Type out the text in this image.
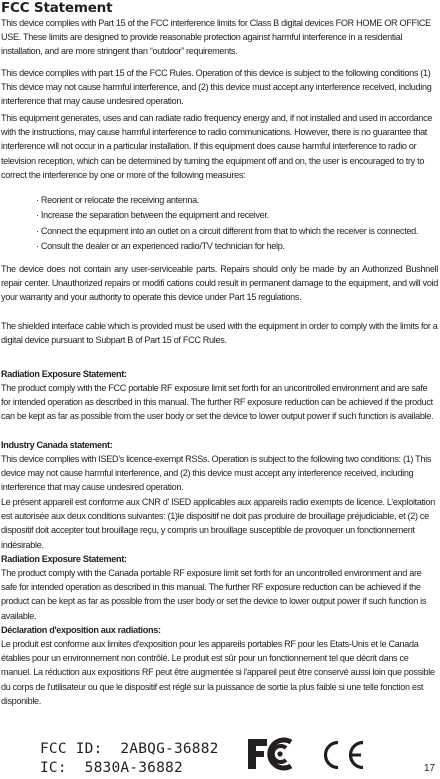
FCC Statement

This device complies with Part 15 of the FCC interference limits for Class B digital devices FOR HOME OR OFFICE USE. These limits are designed to provide reasonable protection against harmful interference in a residential installation, and are more stringent than “outdoor” requirements.

This device complies with part 15 of the FCC Rules. Operation of this device is subject to the following conditions (1) This device may not cause harmful interference, and (2) this device must accept any interference received, including interference that may cause undesired operation.

This equipment generates, uses and can radiate radio frequency energy and, if not installed and used in accordance with the instructions, may cause harmful interference to radio communications. However, there is no guarantee that interference will not occur in a particular installation. If this equipment does cause harmful interference to radio or television reception, which can be determined by turning the equipment off and on, the user is encouraged to try to correct the interference by one or more of the following measures:

· Reorient or relocate the receiving antenna.
· Increase the separation between the equipment and receiver.
· Connect the equipment into an outlet on a circuit different from that to which the receiver is connected.
· Consult the dealer or an experienced radio/TV technician for help.

The device does not contain any user-serviceable parts. Repairs should only be made by an Authorized Bushnell repair center. Unauthorized repairs or modifi cations could result in permanent damage to the equipment, and will void your warranty and your authority to operate this device under Part 15 regulations.

The shielded interface cable which is provided must be used with the equipment in order to comply with the limits for a digital device pursuant to Subpart B of Part 15 of FCC Rules.

Radiation Exposure Statement:

The product comply with the FCC portable RF exposure limit set forth for an uncontrolled environment and are safe for intended operation as described in this manual. The further RF exposure reduction can be achieved if the product can be kept as far as possible from the user body or set the device to lower output power if such function is available.

Industry Canada statement:

This device complies with ISED’s licence-exempt RSSs. Operation is subject to the following two conditions: (1) This device may not cause harmful interference, and (2) this device must accept any interference received, including interference that may cause undesired operation.

Le présent appareil est conforme aux CNR d’ ISED applicables aux appareils radio exempts de licence. L’exploitation est autorisée aux deux conditions suivantes: (1)le dispositif ne doit pas produire de brouillage préjudiciable, et (2) ce dispositif doit accepter tout brouillage reçu, y compris un brouillage susceptible de provoquer un fonctionnement indésirable.

Radiation Exposure Statement:

The product comply with the Canada portable RF exposure limit set forth for an uncontrolled environment and are safe for intended operation as described in this manual. The further RF exposure reduction can be achieved if the product can be kept as far as possible from the user body or set the device to lower output power if such function is available.

Déclaration d'exposition aux radiations:

Le produit est conforme aux limites d'exposition pour les appareils portables RF pour les Etats-Unis et le Canada établies pour un environnement non contrôlé. Le produit est sûr pour un fonctionnement tel que décrit dans ce manuel. La réduction aux expositions RF peut être augmentée si l'appareil peut être conservé aussi loin que possible du corps de l'utilisateur ou que le dispositif est réglé sur la puissance de sortie la plus faible si une telle fonction est disponible.

FCC ID:  2ABQG-36882
IC:  5830A-36882	17
